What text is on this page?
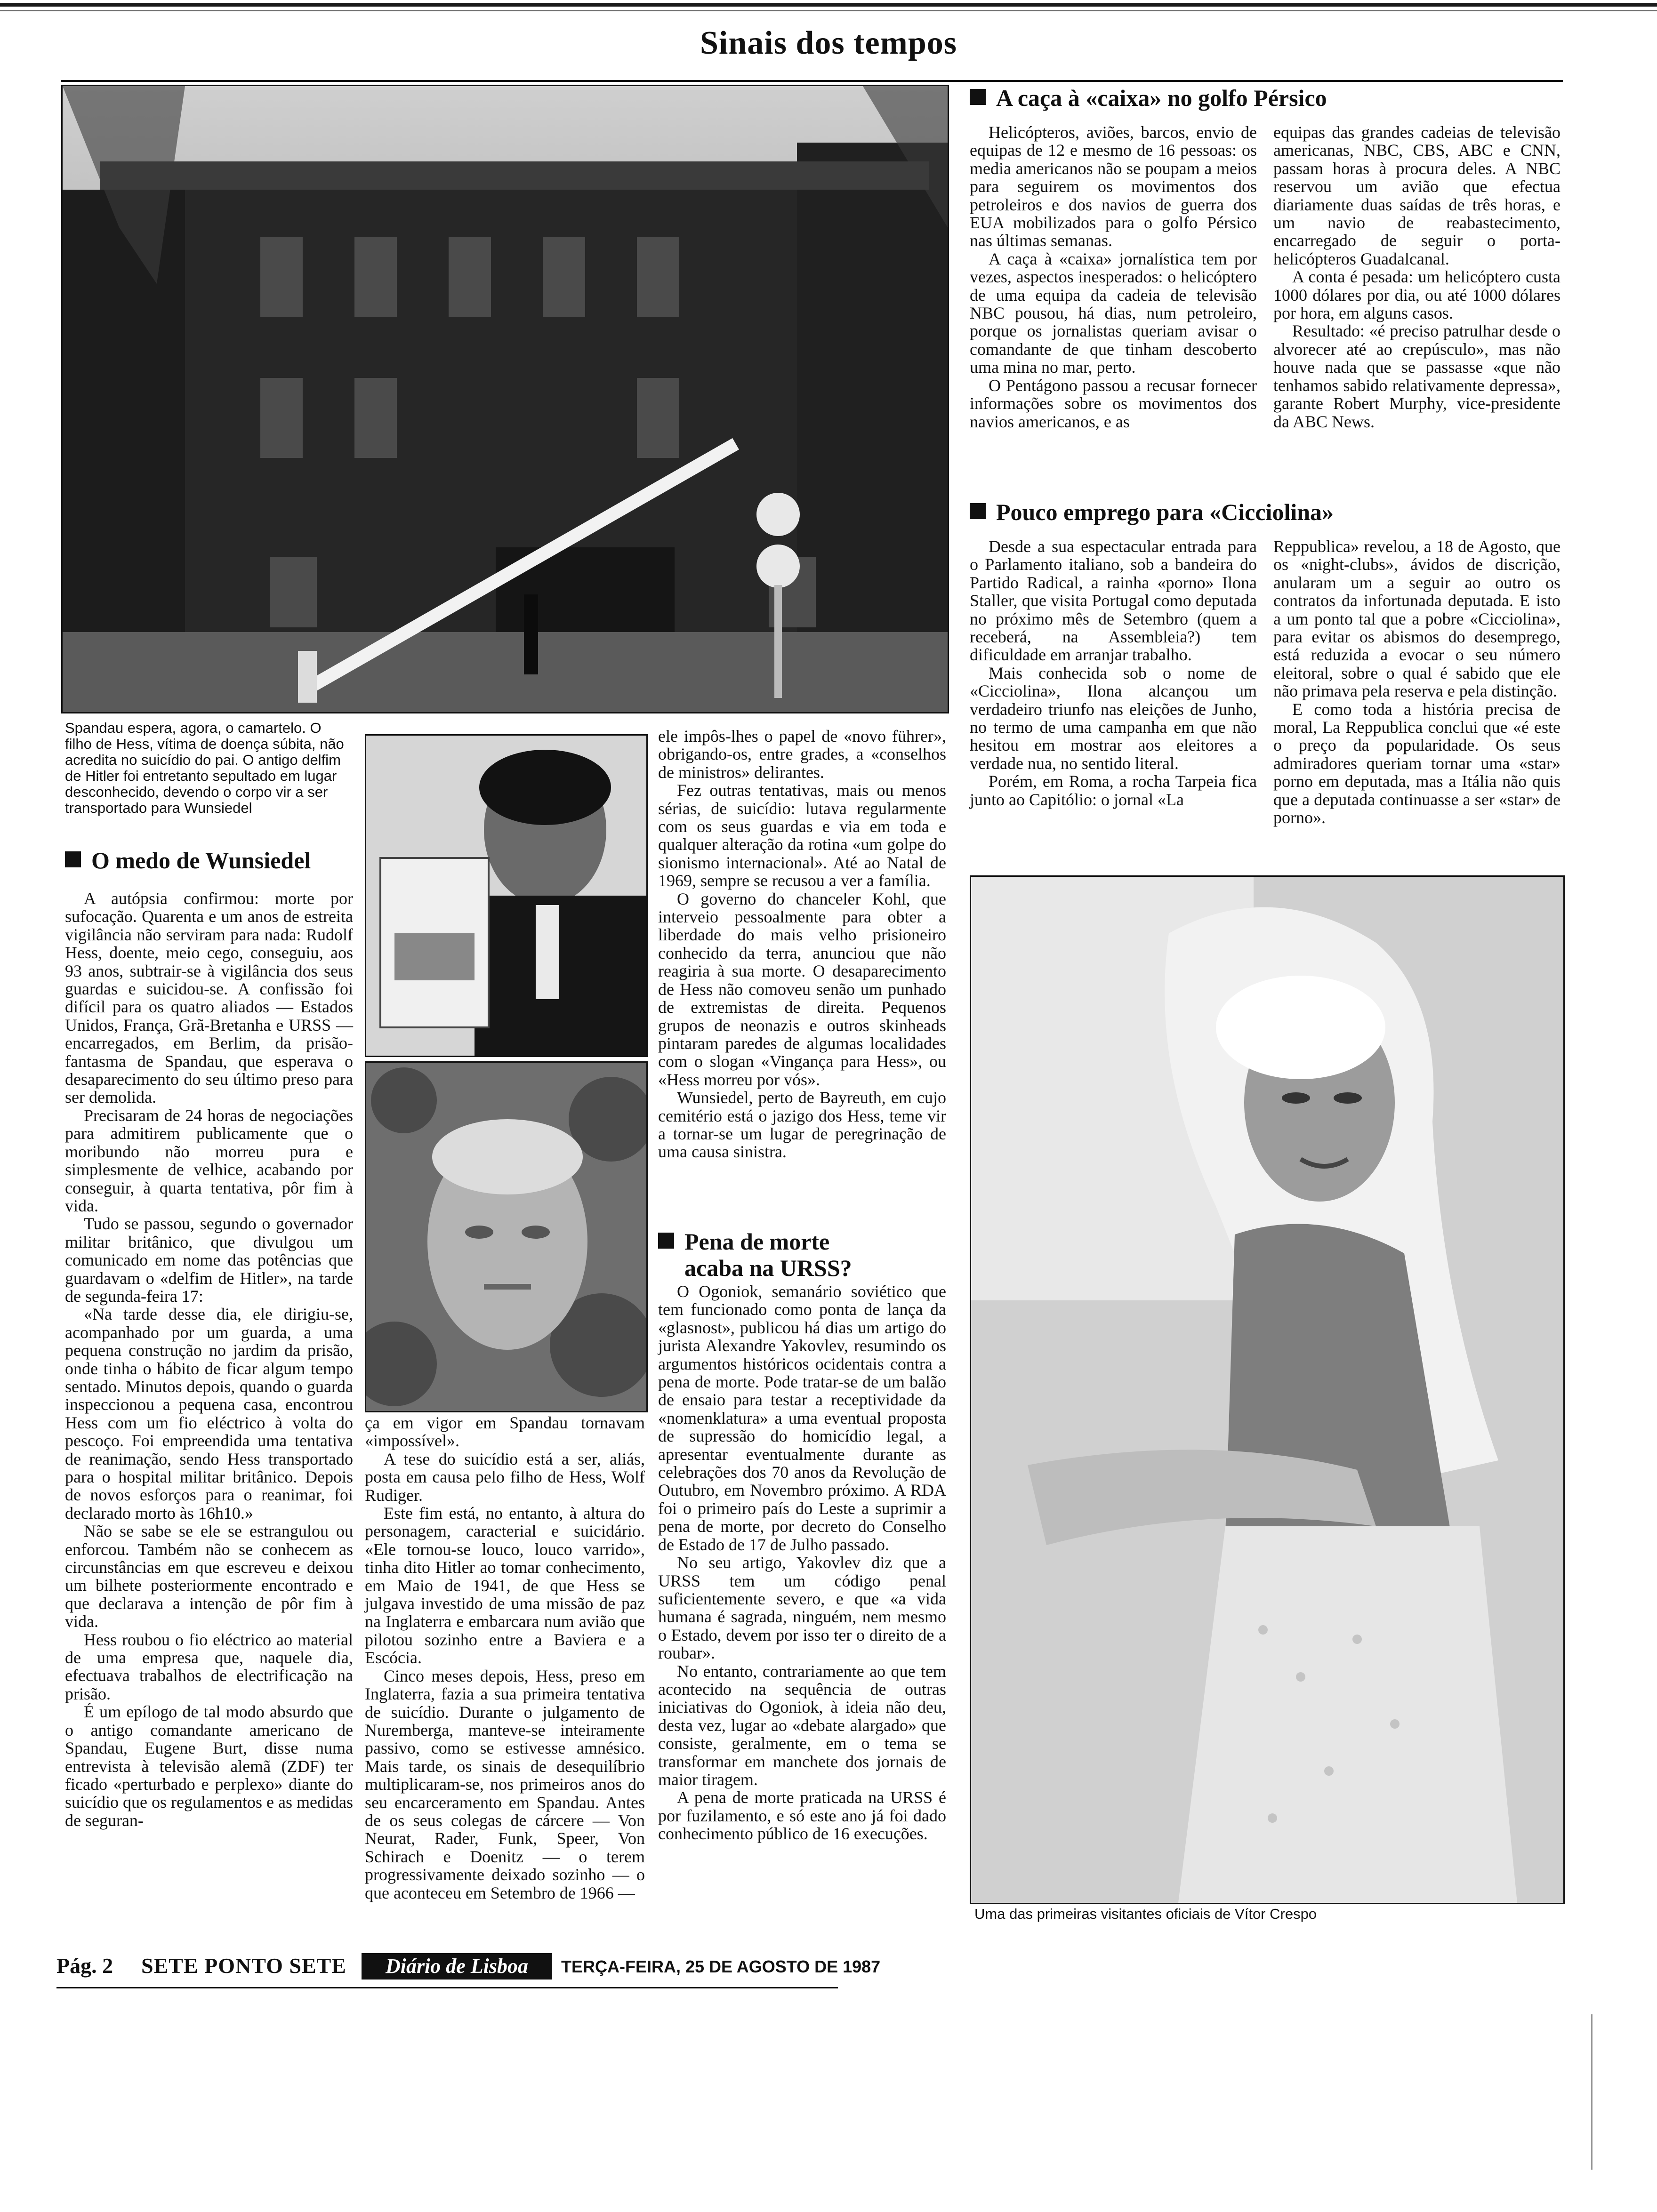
Sinais dos tempos
Spandau espera, agora, o camartelo. O filho de Hess, vítima de doença súbita, não acredita no suicídio do pai. O antigo delfim de Hitler foi entretanto sepultado em lugar desconhecido, devendo o corpo vir a ser transportado para Wunsiedel
O medo de Wunsiedel

A autópsia confirmou: morte por sufocação. Quarenta e um anos de estreita vigilância não serviram para nada: Rudolf Hess, doente, meio cego, conseguiu, aos 93 anos, subtrair-se à vigilância dos seus guardas e suicidou-se. A confissão foi difícil para os quatro aliados — Estados Unidos, França, Grã-Bretanha e URSS — encarregados, em Berlim, da prisão-fantasma de Spandau, que esperava o desaparecimento do seu último preso para ser demolida.

Precisaram de 24 horas de negociações para admitirem publicamente que o moribundo não morreu pura e simplesmente de velhice, acabando por conseguir, à quarta tentativa, pôr fim à vida.

Tudo se passou, segundo o governador militar britânico, que divulgou um comunicado em nome das potências que guardavam o «delfim de Hitler», na tarde de segunda-feira 17:

«Na tarde desse dia, ele dirigiu-se, acompanhado por um guarda, a uma pequena construção no jardim da prisão, onde tinha o hábito de ficar algum tempo sentado. Minutos depois, quando o guarda inspeccionou a pequena casa, encontrou Hess com um fio eléctrico à volta do pescoço. Foi empreendida uma tentativa de reanimação, sendo Hess transportado para o hospital militar britânico. Depois de novos esforços para o reanimar, foi declarado morto às 16h10.»

Não se sabe se ele se estrangulou ou enforcou. Também não se conhecem as circunstâncias em que escreveu e deixou um bilhete posteriormente encontrado e que declarava a intenção de pôr fim à vida.

Hess roubou o fio eléctrico ao material de uma empresa que, naquele dia, efectuava trabalhos de electrificação na prisão.

É um epílogo de tal modo absurdo que o antigo comandante americano de Spandau, Eugene Burt, disse numa entrevista à televisão alemã (ZDF) ter ficado «perturbado e perplexo» diante do suicídio que os regulamentos e as medidas de seguran-

ça em vigor em Spandau tornavam «impossível».

A tese do suicídio está a ser, aliás, posta em causa pelo filho de Hess, Wolf Rudiger.

Este fim está, no entanto, à altura do personagem, caracterial e suicidário. «Ele tornou-se louco, louco varrido», tinha dito Hitler ao tomar conhecimento, em Maio de 1941, de que Hess se julgava investido de uma missão de paz na Inglaterra e embarcara num avião que pilotou sozinho entre a Baviera e a Escócia.

Cinco meses depois, Hess, preso em Inglaterra, fazia a sua primeira tentativa de suicídio. Durante o julgamento de Nuremberga, manteve-se inteiramente passivo, como se estivesse amnésico. Mais tarde, os sinais de desequilíbrio multiplicaram-se, nos primeiros anos do seu encarceramento em Spandau. Antes de os seus colegas de cárcere — Von Neurat, Rader, Funk, Speer, Von Schirach e Doenitz — o terem progressivamente deixado sozinho — o que aconteceu em Setembro de 1966 —

ele impôs-lhes o papel de «novo führer», obrigando-os, entre grades, a «conselhos de ministros» delirantes.

Fez outras tentativas, mais ou menos sérias, de suicídio: lutava regularmente com os seus guardas e via em toda e qualquer alteração da rotina «um golpe do sionismo internacional». Até ao Natal de 1969, sempre se recusou a ver a família.

O governo do chanceler Kohl, que interveio pessoalmente para obter a liberdade do mais velho prisioneiro conhecido da terra, anunciou que não reagiria à sua morte. O desaparecimento de Hess não comoveu senão um punhado de extremistas de direita. Pequenos grupos de neonazis e outros skinheads pintaram paredes de algumas localidades com o slogan «Vingança para Hess», ou «Hess morreu por vós».

Wunsiedel, perto de Bayreuth, em cujo cemitério está o jazigo dos Hess, teme vir a tornar-se um lugar de peregrinação de uma causa sinistra.

Pena de morte
acaba na URSS?

O Ogoniok, semanário soviético que tem funcionado como ponta de lança da «glasnost», publicou há dias um artigo do jurista Alexandre Yakovlev, resumindo os argumentos históricos ocidentais contra a pena de morte. Pode tratar-se de um balão de ensaio para testar a receptividade da «nomenklatura» a uma eventual proposta de supressão do homicídio legal, a apresentar eventualmente durante as celebrações dos 70 anos da Revolução de Outubro, em Novembro próximo. A RDA foi o primeiro país do Leste a suprimir a pena de morte, por decreto do Conselho de Estado de 17 de Julho passado.

No seu artigo, Yakovlev diz que a URSS tem um código penal suficientemente severo, e que «a vida humana é sagrada, ninguém, nem mesmo o Estado, devem por isso ter o direito de a roubar».

No entanto, contrariamente ao que tem acontecido na sequência de outras iniciativas do Ogoniok, à ideia não deu, desta vez, lugar ao «debate alargado» que consiste, geralmente, em o tema se transformar em manchete dos jornais de maior tiragem.

A pena de morte praticada na URSS é por fuzilamento, e só este ano já foi dado conhecimento público de 16 execuções.

A caça à «caixa» no golfo Pérsico

Helicópteros, aviões, barcos, envio de equipas de 12 e mesmo de 16 pessoas: os media americanos não se poupam a meios para seguirem os movimentos dos petroleiros e dos navios de guerra dos EUA mobilizados para o golfo Pérsico nas últimas semanas.

A caça à «caixa» jornalística tem por vezes, aspectos inesperados: o helicóptero de uma equipa da cadeia de televisão NBC pousou, há dias, num petroleiro, porque os jornalistas queriam avisar o comandante de que tinham descoberto uma mina no mar, perto.

O Pentágono passou a recusar fornecer informações sobre os movimentos dos navios americanos, e as

equipas das grandes cadeias de televisão americanas, NBC, CBS, ABC e CNN, passam horas à procura deles. A NBC reservou um avião que efectua diariamente duas saídas de três horas, e um navio de reabastecimento, encarregado de seguir o porta-helicópteros Guadalcanal.

A conta é pesada: um helicóptero custa 1000 dólares por dia, ou até 1000 dólares por hora, em alguns casos.

Resultado: «é preciso patrulhar desde o alvorecer até ao crepúsculo», mas não houve nada que se passasse «que não tenhamos sabido relativamente depressa», garante Robert Murphy, vice-presidente da ABC News.

Pouco emprego para «Cicciolina»

Desde a sua espectacular entrada para o Parlamento italiano, sob a bandeira do Partido Radical, a rainha «porno» Ilona Staller, que visita Portugal como deputada no próximo mês de Setembro (quem a receberá, na Assembleia?) tem dificuldade em arranjar trabalho.

Mais conhecida sob o nome de «Cicciolina», Ilona alcançou um verdadeiro triunfo nas eleições de Junho, no termo de uma campanha em que não hesitou em mostrar aos eleitores a verdade nua, no sentido literal.

Porém, em Roma, a rocha Tarpeia fica junto ao Capitólio: o jornal «La

Reppublica» revelou, a 18 de Agosto, que os «night-clubs», ávidos de discrição, anularam um a seguir ao outro os contratos da infortunada deputada. E isto a um ponto tal que a pobre «Cicciolina», para evitar os abismos do desemprego, está reduzida a evocar o seu número eleitoral, sobre o qual é sabido que ele não primava pela reserva e pela distinção.

E como toda a história precisa de moral, La Reppublica conclui que «é este o preço da popularidade. Os seus admiradores queriam tornar uma «star» porno em deputada, mas a Itália não quis que a deputada continuasse a ser «star» de porno».

Uma das primeiras visitantes oficiais de Vítor Crespo
Pág. 2 SETE PONTO SETE	Diário de Lisboa	TERÇA-FEIRA, 25 DE AGOSTO DE 1987
